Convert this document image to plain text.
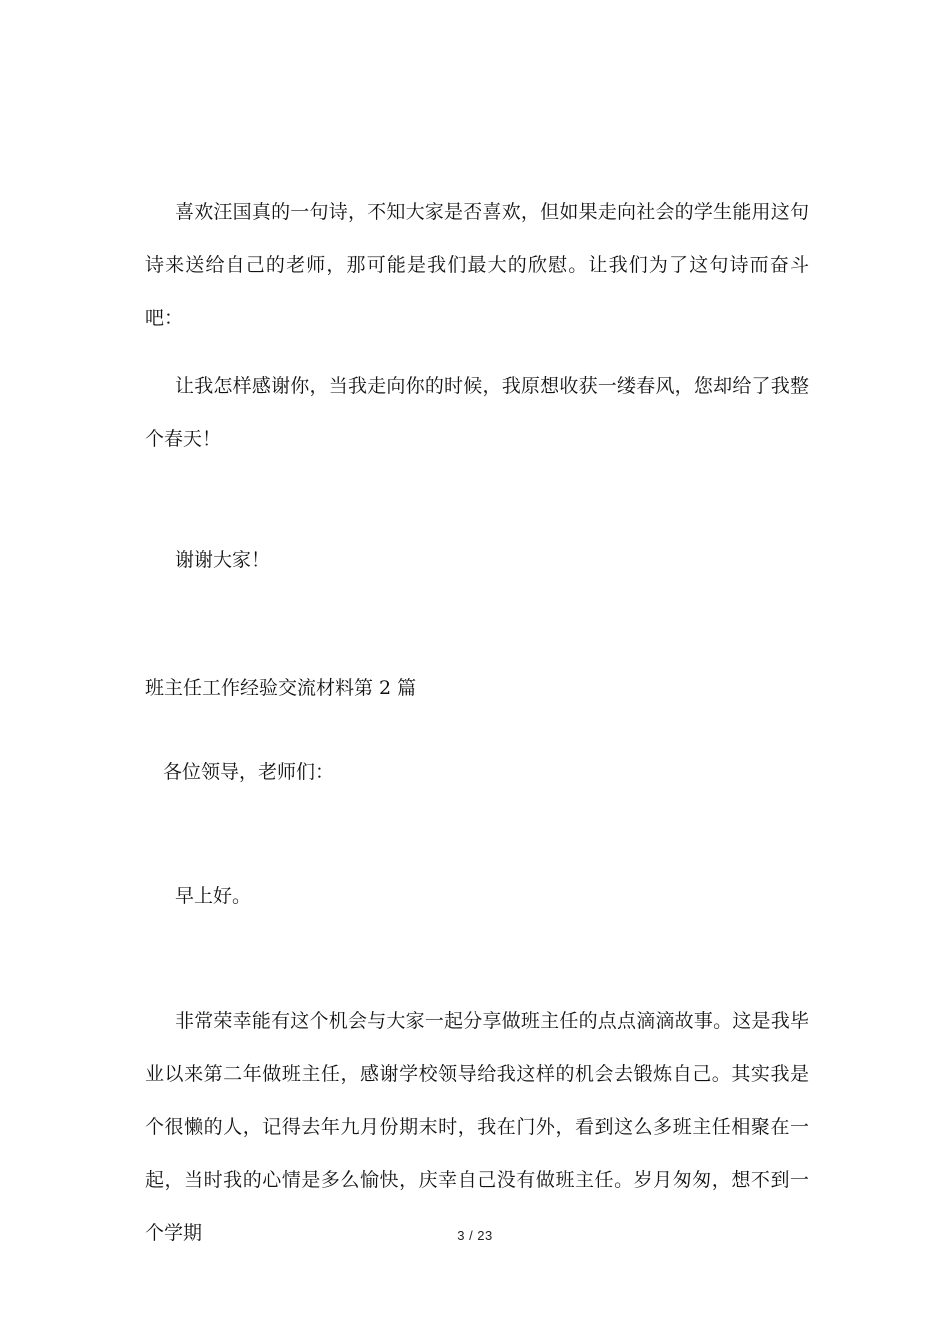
喜欢汪国真的一句诗，不知大家是否喜欢，但如果走向社会的学生能用这句诗来送给自己的老师，那可能是我们最大的欣慰。让我们为了这句诗而奋斗吧：

让我怎样感谢你，当我走向你的时候，我原想收获一缕春风，您却给了我整个春天！

谢谢大家！

班主任工作经验交流材料第 2 篇

各位领导，老师们：

早上好。

非常荣幸能有这个机会与大家一起分享做班主任的点点滴滴故事。这是我毕业以来第二年做班主任，感谢学校领导给我这样的机会去锻炼自己。其实我是个很懒的人，记得去年九月份期末时，我在门外，看到这么多班主任相聚在一起，当时我的心情是多么愉快，庆幸自己没有做班主任。岁月匆匆，想不到一个学期	3 / 23
